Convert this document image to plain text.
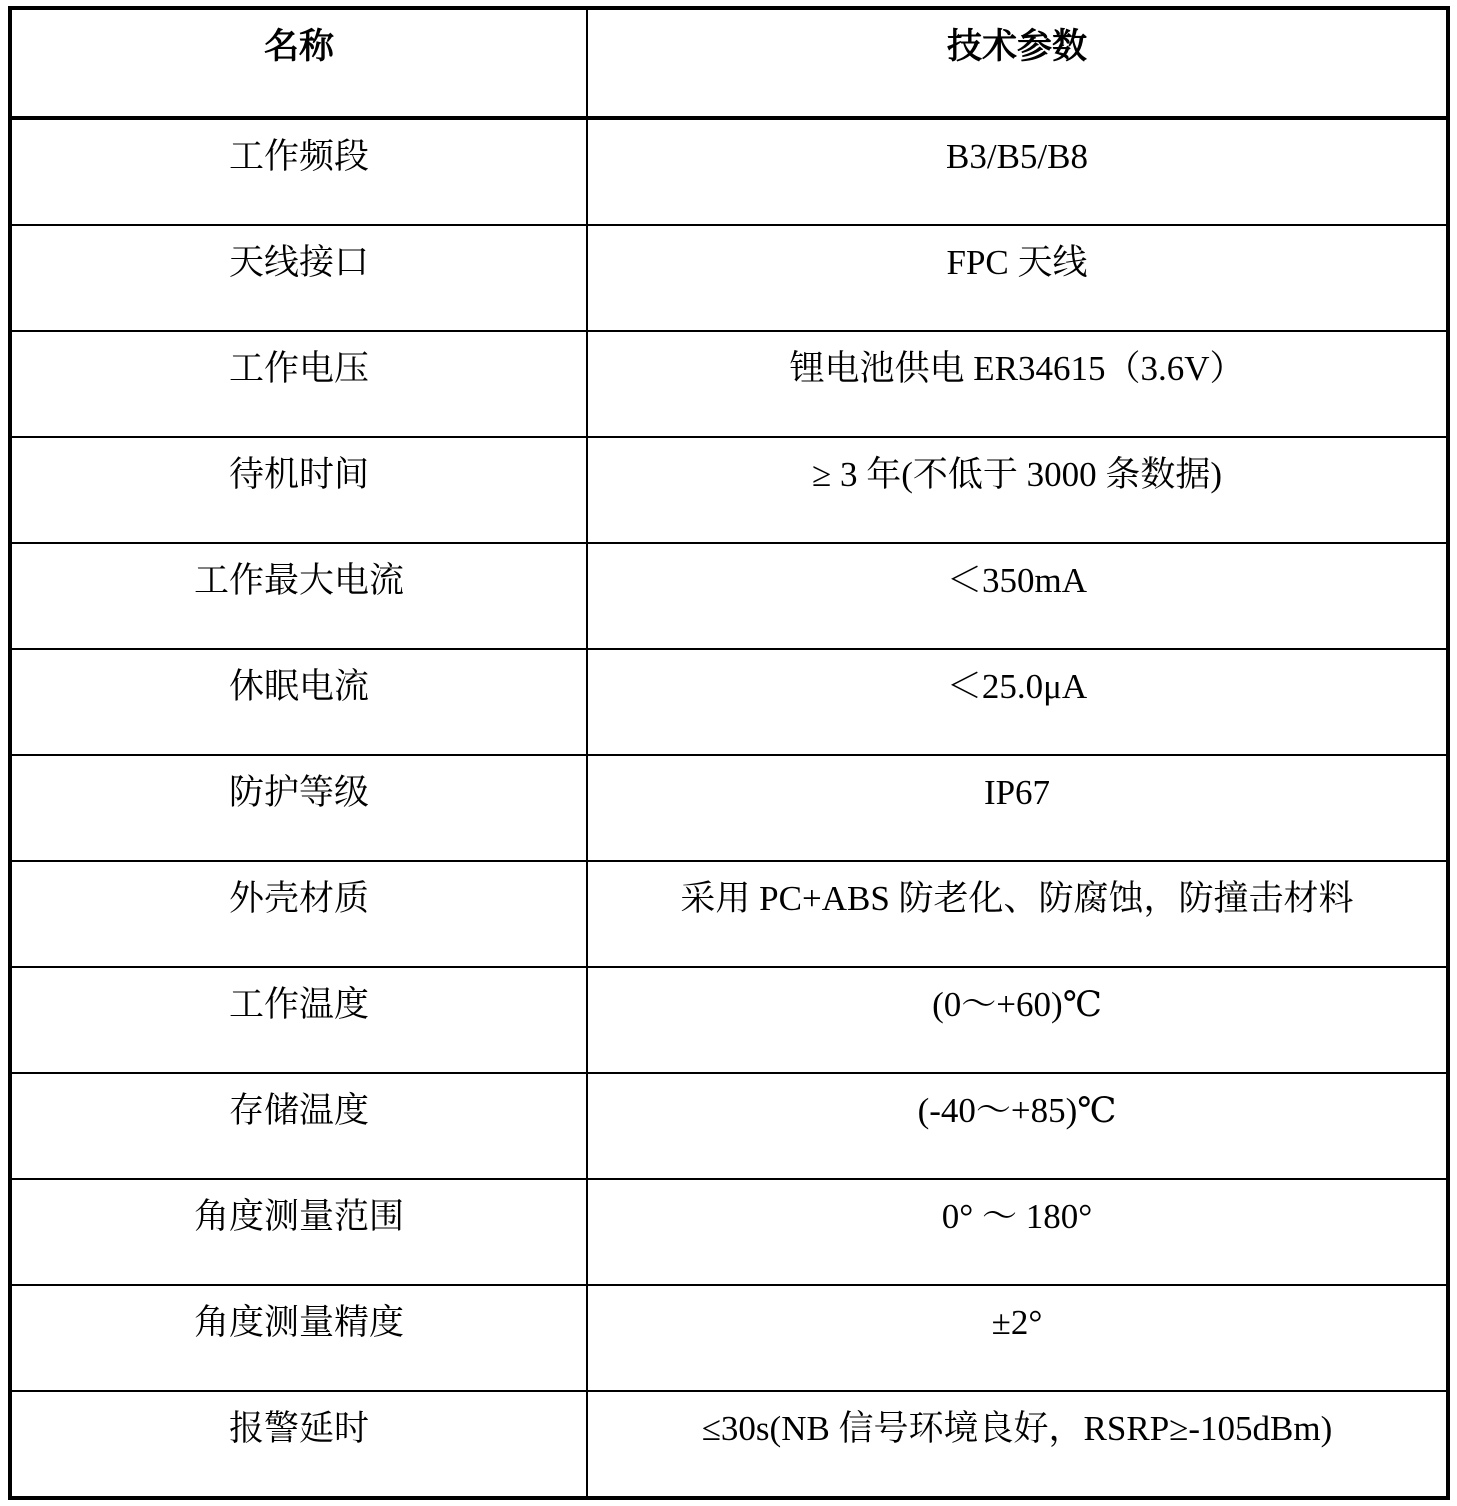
名称	技术参数
工作频段	B3/B5/B8
天线接口	FPC 天线
工作电压	锂电池供电 ER34615（3.6V）
待机时间	≥ 3 年(不低于 3000 条数据)
工作最大电流	＜350mA
休眠电流	＜25.0μA
防护等级	IP67
外壳材质	采用 PC+ABS 防老化、防腐蚀，防撞击材料
工作温度	(0～+60)℃
存储温度	(-40～+85)℃
角度测量范围	0° ～ 180°
角度测量精度	±2°
报警延时	≤30s(NB 信号环境良好，RSRP≥-105dBm)
